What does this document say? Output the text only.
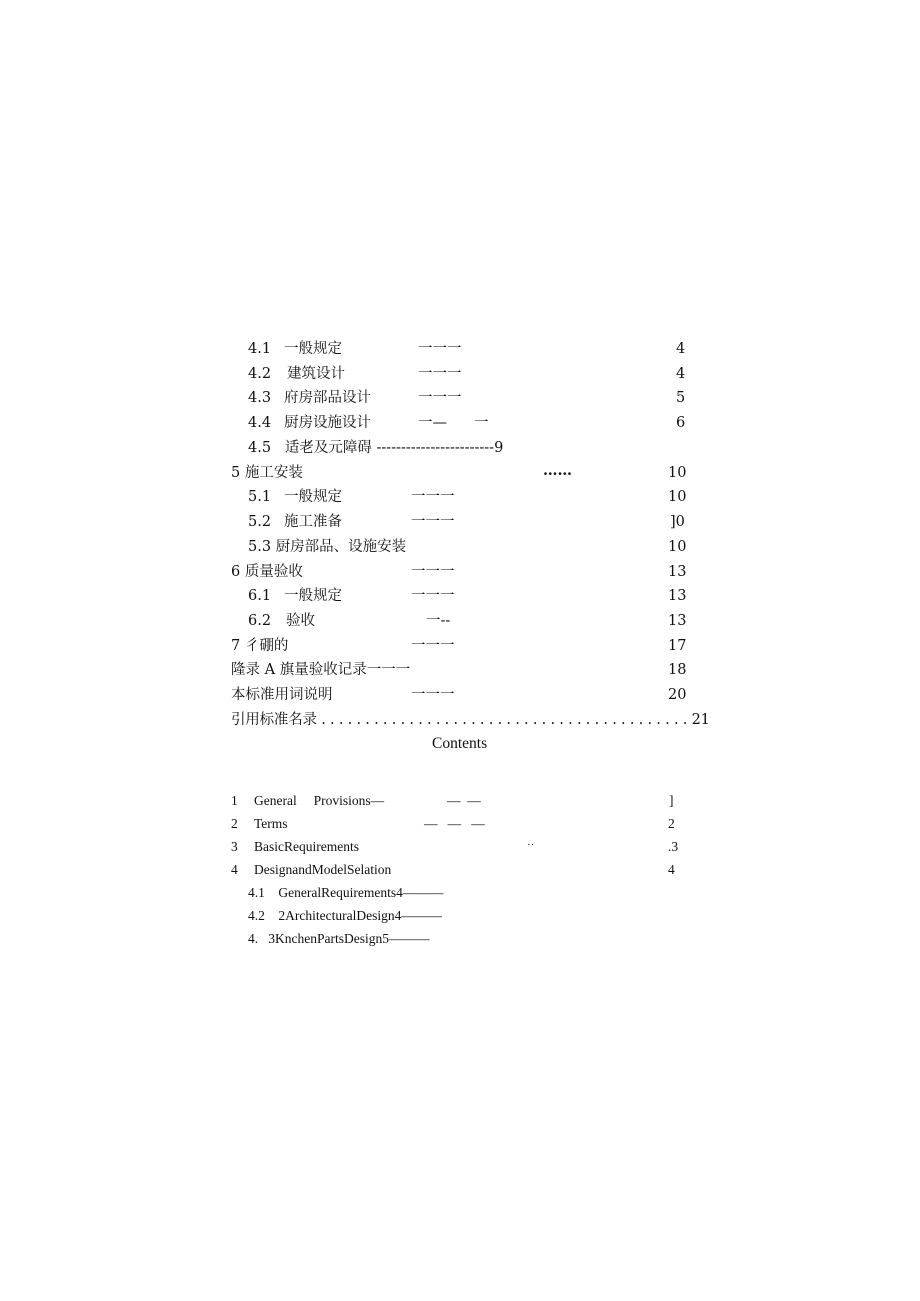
4.1 一般规定	一一一	4
4.2 建筑设计	一一一	4
4.3 府房部品设计	一一一	5
4.4 厨房设施设计	一— 一	6
4.5   适老及元障碍 ------------------------9
5 施工安装	……	10
5.1 一般规定	一一一	10
5.2 施工准备	一一一	]0
5.3 厨房部品、设施安装	10
6 质量验收	一一一	13
6.1 一般规定	一一一	13
6.2 验收	一--	13
7 彳硼的	一一一	17
隆录 A 旗量验收记录一一一	18
本标准用词说明	一一一	20
引用标准名录 . . . . . . . . . . . . . . . . . . . . . . . . . . . . . . . . . . . . . . . . . . 21
Contents
1 General     Provisions—	—  —	]
2 Terms	—   —   —	2
3 BasicRequirements	··	.3
4 DesignandModelSelation	4
4.1    GeneralRequirements4———
4.2    2ArchitecturalDesign4———
4.   3KnchenPartsDesign5———
